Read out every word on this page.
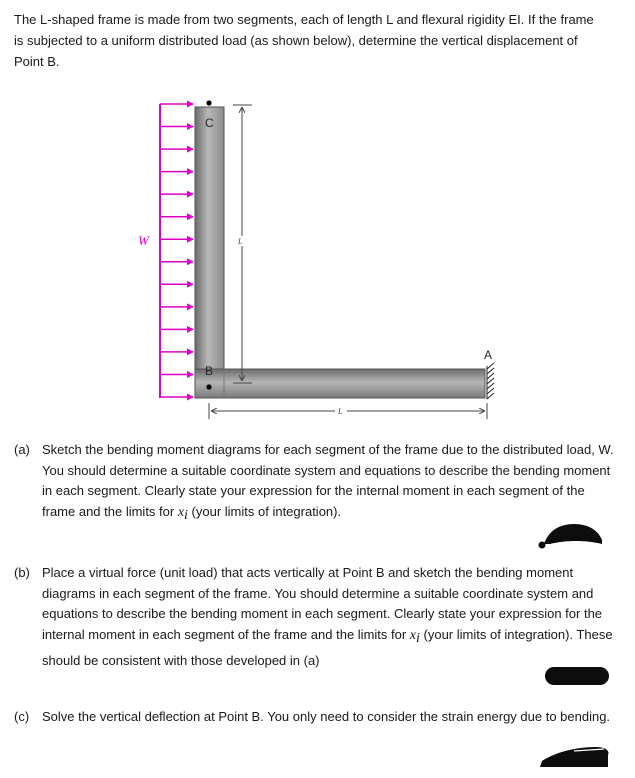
The L-shaped frame is made from two segments, each of length L and flexural rigidity EI. If the frame
is subjected to a uniform distributed load (as shown below), determine the vertical displacement of
Point B.
W
C
B
A
L
L
(a) Sketch the bending moment diagrams for each segment of the frame due to the distributed load, W. You should determine a suitable coordinate system and equations to describe the bending moment in each segment. Clearly state your expression for the internal moment in each segment of the frame and the limits for $x_i$ (your limits of integration).
(b) Place a virtual force (unit load) that acts vertically at Point B and sketch the bending moment diagrams in each segment of the frame. You should determine a suitable coordinate system and equations to describe the bending moment in each segment. Clearly state your expression for the internal moment in each segment of the frame and the limits for $x_i$ (your limits of integration). These should be consistent with those developed in (a)
(c) Solve the vertical deflection at Point B. You only need to consider the strain energy due to bending.
